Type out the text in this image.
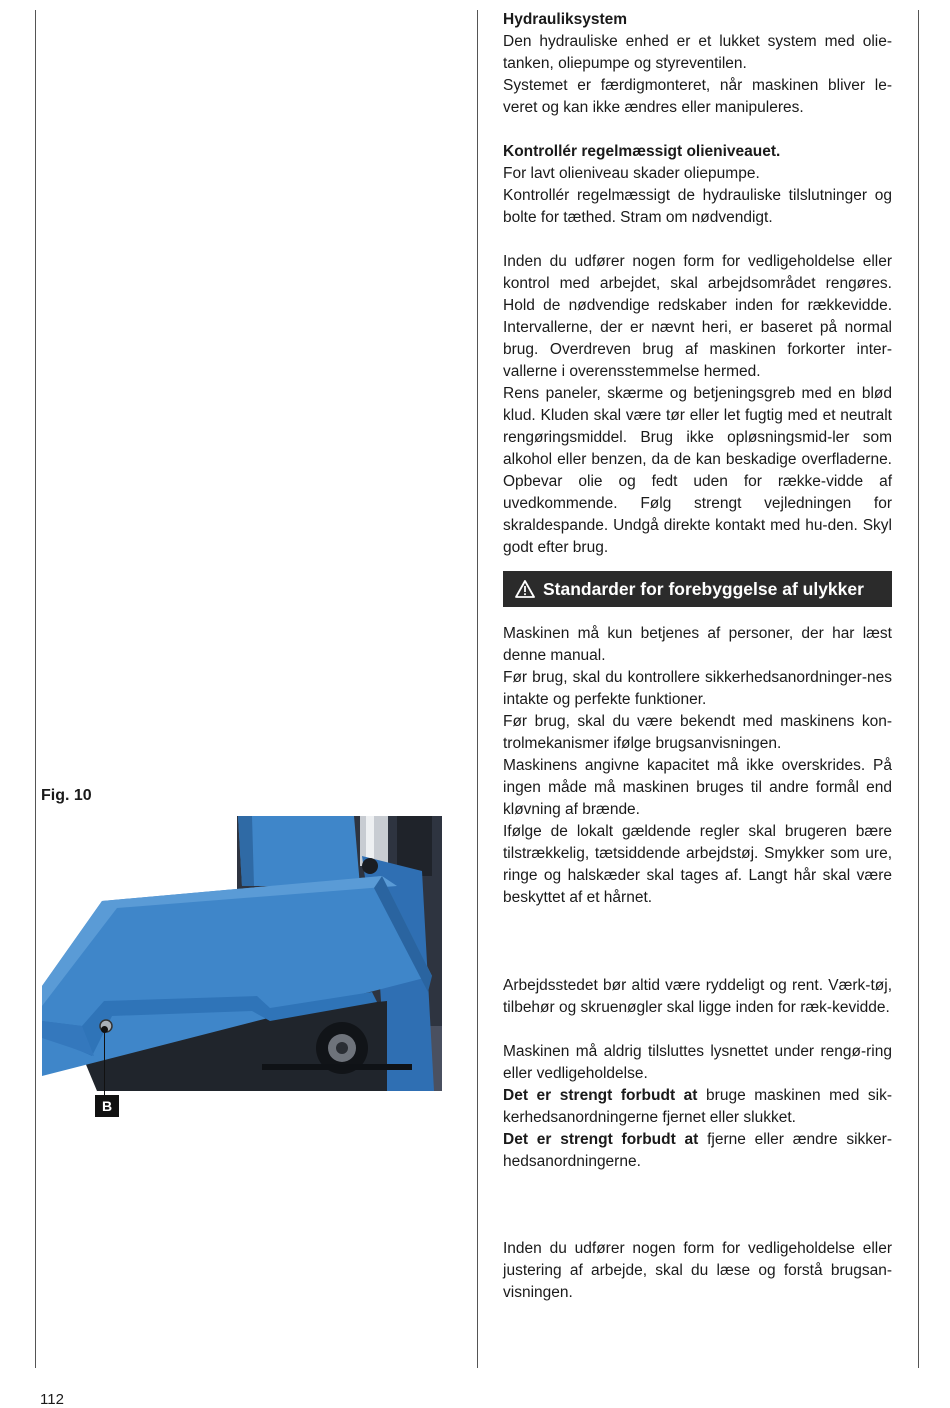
Hydrauliksystem

Den hydrauliske enhed er et lukket system med olie-tanken, oliepumpe og styreventilen.

Systemet er færdigmonteret, når maskinen bliver le-veret og kan ikke ændres eller manipuleres.

Kontrollér regelmæssigt olieniveauet.

For lavt olieniveau skader oliepumpe.

Kontrollér regelmæssigt de hydrauliske tilslutninger og bolte for tæthed. Stram om nødvendigt.

Inden du udfører nogen form for vedligeholdelse eller kontrol med arbejdet, skal arbejdsområdet rengøres. Hold de nødvendige redskaber inden for rækkevidde. Intervallerne, der er nævnt heri, er baseret på normal brug. Overdreven brug af maskinen forkorter inter-vallerne i overensstemmelse hermed.

Rens paneler, skærme og betjeningsgreb med en blød klud. Kluden skal være tør eller let fugtig med et neutralt rengøringsmiddel. Brug ikke opløsningsmid-ler som alkohol eller benzen, da de kan beskadige overfladerne. Opbevar olie og fedt uden for række-vidde af uvedkommende. Følg strengt vejledningen for skraldespande. Undgå direkte kontakt med hu-den. Skyl godt efter brug.

Standarder for forebyggelse af ulykker

Maskinen må kun betjenes af personer, der har læst denne manual.

Før brug, skal du kontrollere sikkerhedsanordninger-nes intakte og perfekte funktioner.

Før brug, skal du være bekendt med maskinens kon-trolmekanismer ifølge brugsanvisningen.

Maskinens angivne kapacitet må ikke overskrides. På ingen måde må maskinen bruges til andre formål end kløvning af brænde.

Ifølge de lokalt gældende regler skal brugeren bære tilstrækkelig, tætsiddende arbejdstøj. Smykker som ure, ringe og halskæder skal tages af. Langt hår skal være beskyttet af et hårnet.

Arbejdsstedet bør altid være ryddeligt og rent. Værk-tøj, tilbehør og skruenøgler skal ligge inden for ræk-kevidde.

Maskinen må aldrig tilsluttes lysnettet under rengø-ring eller vedligeholdelse.

Det er strengt forbudt at bruge maskinen med sik-kerhedsanordningerne fjernet eller slukket.

Det er strengt forbudt at fjerne eller ændre sikker-hedsanordningerne.

Inden du udfører nogen form for vedligeholdelse eller justering af arbejde, skal du læse og forstå brugsan-visningen.

Fig. 10
B
112
